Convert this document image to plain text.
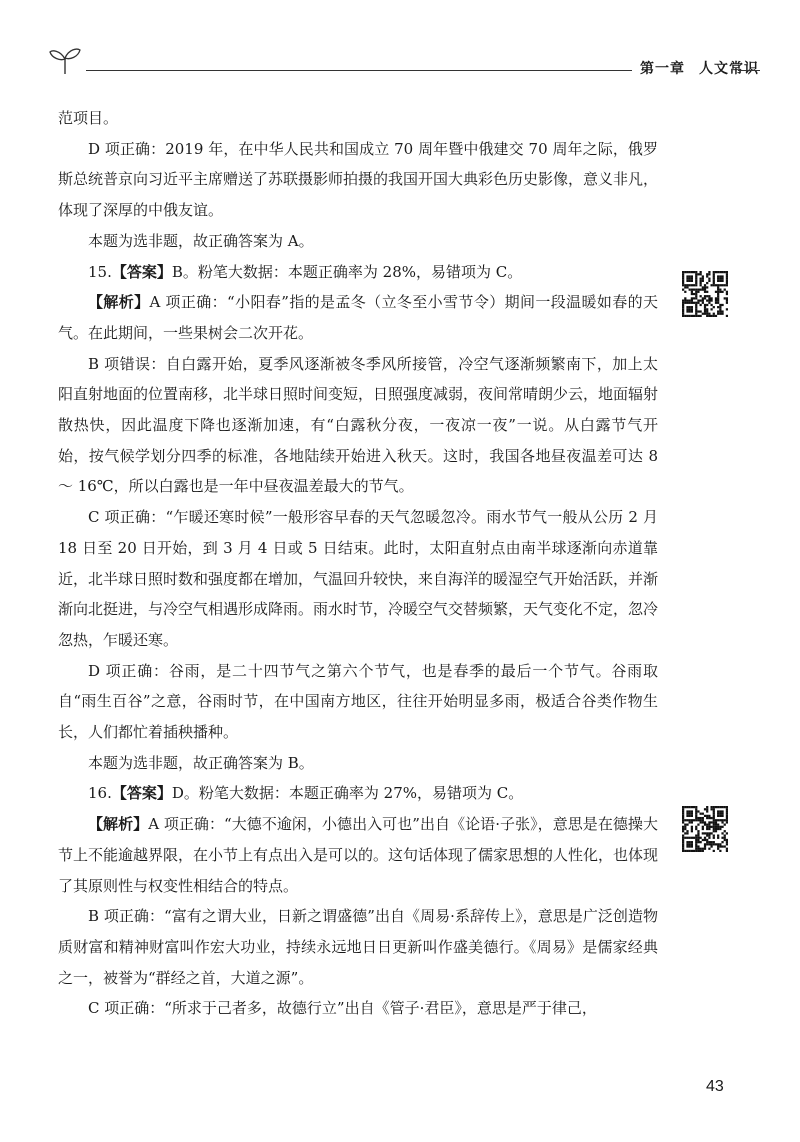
第一章 人文常识

范项目。

D 项正确：2019 年，在中华人民共和国成立 70 周年暨中俄建交 70 周年之际，俄罗斯总统普京向习近平主席赠送了苏联摄影师拍摄的我国开国大典彩色历史影像，意义非凡，体现了深厚的中俄友谊。

本题为选非题，故正确答案为 A。

15.【答案】B。粉笔大数据：本题正确率为 28%，易错项为 C。

【解析】A 项正确：“小阳春”指的是孟冬（立冬至小雪节令）期间一段温暖如春的天气。在此期间，一些果树会二次开花。

B 项错误：自白露开始，夏季风逐渐被冬季风所接管，冷空气逐渐频繁南下，加上太阳直射地面的位置南移，北半球日照时间变短，日照强度减弱，夜间常晴朗少云，地面辐射散热快，因此温度下降也逐渐加速，有“白露秋分夜，一夜凉一夜”一说。从白露节气开始，按气候学划分四季的标准，各地陆续开始进入秋天。这时，我国各地昼夜温差可达 8 ～ 16℃，所以白露也是一年中昼夜温差最大的节气。

C 项正确：“乍暖还寒时候”一般形容早春的天气忽暖忽冷。雨水节气一般从公历 2 月 18 日至 20 日开始，到 3 月 4 日或 5 日结束。此时，太阳直射点由南半球逐渐向赤道靠近，北半球日照时数和强度都在增加，气温回升较快，来自海洋的暖湿空气开始活跃，并渐渐向北挺进，与冷空气相遇形成降雨。雨水时节，冷暖空气交替频繁，天气变化不定，忽冷忽热，乍暖还寒。

D 项正确：谷雨，是二十四节气之第六个节气，也是春季的最后一个节气。谷雨取自“雨生百谷”之意，谷雨时节，在中国南方地区，往往开始明显多雨，极适合谷类作物生长，人们都忙着插秧播种。

本题为选非题，故正确答案为 B。

16.【答案】D。粉笔大数据：本题正确率为 27%，易错项为 C。

【解析】A 项正确：“大德不逾闲，小德出入可也”出自《论语·子张》，意思是在德操大节上不能逾越界限，在小节上有点出入是可以的。这句话体现了儒家思想的人性化，也体现了其原则性与权变性相结合的特点。

B 项正确：“富有之谓大业，日新之谓盛德”出自《周易·系辞传上》，意思是广泛创造物质财富和精神财富叫作宏大功业，持续永远地日日更新叫作盛美德行。《周易》是儒家经典之一，被誉为“群经之首，大道之源”。

C 项正确：“所求于己者多，故德行立”出自《管子·君臣》，意思是严于律己，

43
